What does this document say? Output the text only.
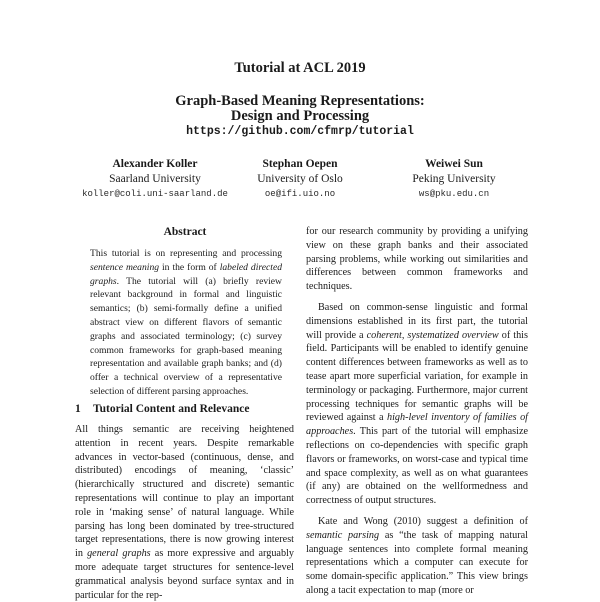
Tutorial at ACL 2019
Graph-Based Meaning Representations:
Design and Processing
https://github.com/cfmrp/tutorial
Alexander Koller
Saarland University
koller@coli.uni-saarland.de
Stephan Oepen
University of Oslo
oe@ifi.uio.no
Weiwei Sun
Peking University
ws@pku.edu.cn
Abstract
This tutorial is on representing and processing sentence meaning in the form of labeled directed graphs. The tutorial will (a) briefly review relevant background in formal and linguistic semantics; (b) semi-formally define a unified abstract view on different flavors of semantic graphs and associated terminology; (c) survey common frameworks for graph-based meaning representation and available graph banks; and (d) offer a technical overview of a representative selection of different parsing approaches.
1 Tutorial Content and Relevance

All things semantic are receiving heightened attention in recent years. Despite remarkable advances in vector-based (continuous, dense, and distributed) encodings of meaning, ‘classic’ (hierarchically structured and discrete) semantic representations will continue to play an important role in ‘making sense’ of natural language. While parsing has long been dominated by tree-structured target representations, there is now growing interest in general graphs as more expressive and arguably more adequate target structures for sentence-level grammatical analysis beyond surface syntax and in particular for the rep-

for our research community by providing a unifying view on these graph banks and their associated parsing problems, while working out similarities and differences between common frameworks and techniques.

Based on common-sense linguistic and formal dimensions established in its first part, the tutorial will provide a coherent, systematized overview of this field. Participants will be enabled to identify genuine content differences between frameworks as well as to tease apart more superficial variation, for example in terminology or packaging. Furthermore, major current processing techniques for semantic graphs will be reviewed against a high-level inventory of families of approaches. This part of the tutorial will emphasize reflections on co-dependencies with specific graph flavors or frameworks, on worst-case and typical time and space complexity, as well as on what guarantees (if any) are obtained on the wellformedness and correctness of output structures.

Kate and Wong (2010) suggest a definition of semantic parsing as “the task of mapping natural language sentences into complete formal meaning representations which a computer can execute for some domain-specific application.” This view brings along a tacit expectation to map (more or
